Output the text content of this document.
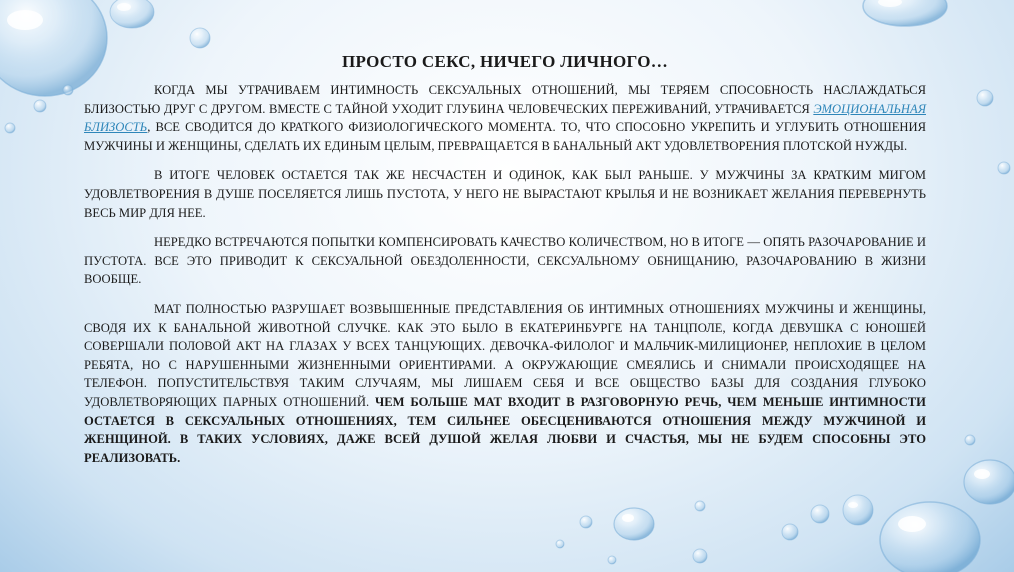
ПРОСТО СЕКС, НИЧЕГО ЛИЧНОГО…

КОГДА МЫ УТРАЧИВАЕМ ИНТИМНОСТЬ СЕКСУАЛЬНЫХ ОТНОШЕНИЙ, МЫ ТЕРЯЕМ СПОСОБНОСТЬ НАСЛАЖДАТЬСЯ БЛИЗОСТЬЮ ДРУГ С ДРУГОМ. ВМЕСТЕ С ТАЙНОЙ УХОДИТ ГЛУБИНА ЧЕЛОВЕЧЕСКИХ ПЕРЕЖИВАНИЙ, УТРАЧИВАЕТСЯ ЭМОЦИОНАЛЬНАЯ БЛИЗОСТЬ, ВСЕ СВОДИТСЯ ДО КРАТКОГО ФИЗИОЛОГИЧЕСКОГО МОМЕНТА. ТО, ЧТО СПОСОБНО УКРЕПИТЬ И УГЛУБИТЬ ОТНОШЕНИЯ МУЖЧИНЫ И ЖЕНЩИНЫ, СДЕЛАТЬ ИХ ЕДИНЫМ ЦЕЛЫМ, ПРЕВРАЩАЕТСЯ В БАНАЛЬНЫЙ АКТ УДОВЛЕТВОРЕНИЯ ПЛОТСКОЙ НУЖДЫ.

В ИТОГЕ ЧЕЛОВЕК ОСТАЕТСЯ ТАК ЖЕ НЕСЧАСТЕН И ОДИНОК, КАК БЫЛ РАНЬШЕ. У МУЖЧИНЫ ЗА КРАТКИМ МИГОМ УДОВЛЕТВОРЕНИЯ В ДУШЕ ПОСЕЛЯЕТСЯ ЛИШЬ ПУСТОТА, У НЕГО НЕ ВЫРАСТАЮТ КРЫЛЬЯ И НЕ ВОЗНИКАЕТ ЖЕЛАНИЯ ПЕРЕВЕРНУТЬ ВЕСЬ МИР ДЛЯ НЕЕ.

НЕРЕДКО ВСТРЕЧАЮТСЯ ПОПЫТКИ КОМПЕНСИРОВАТЬ КАЧЕСТВО КОЛИЧЕСТВОМ, НО В ИТОГЕ — ОПЯТЬ РАЗОЧАРОВАНИЕ И ПУСТОТА. ВСЕ ЭТО ПРИВОДИТ К СЕКСУАЛЬНОЙ ОБЕЗДОЛЕННОСТИ, СЕКСУАЛЬНОМУ ОБНИЩАНИЮ, РАЗОЧАРОВАНИЮ В ЖИЗНИ ВООБЩЕ.

МАТ ПОЛНОСТЬЮ РАЗРУШАЕТ ВОЗВЫШЕННЫЕ ПРЕДСТАВЛЕНИЯ ОБ ИНТИМНЫХ ОТНОШЕНИЯХ МУЖЧИНЫ И ЖЕНЩИНЫ, СВОДЯ ИХ К БАНАЛЬНОЙ ЖИВОТНОЙ СЛУЧКЕ. КАК ЭТО БЫЛО В ЕКАТЕРИНБУРГЕ НА ТАНЦПОЛЕ, КОГДА ДЕВУШКА С ЮНОШЕЙ СОВЕРШАЛИ ПОЛОВОЙ АКТ НА ГЛАЗАХ У ВСЕХ ТАНЦУЮЩИХ. ДЕВОЧКА-ФИЛОЛОГ И МАЛЬЧИК-МИЛИЦИОНЕР, НЕПЛОХИЕ В ЦЕЛОМ РЕБЯТА, НО С НАРУШЕННЫМИ ЖИЗНЕННЫМИ ОРИЕНТИРАМИ. А ОКРУЖАЮЩИЕ СМЕЯЛИСЬ И СНИМАЛИ ПРОИСХОДЯЩЕЕ НА ТЕЛЕФОН. ПОПУСТИТЕЛЬСТВУЯ ТАКИМ СЛУЧАЯМ, МЫ ЛИШАЕМ СЕБЯ И ВСЕ ОБЩЕСТВО БАЗЫ ДЛЯ СОЗДАНИЯ ГЛУБОКО УДОВЛЕТВОРЯЮЩИХ ПАРНЫХ ОТНОШЕНИЙ. ЧЕМ БОЛЬШЕ МАТ ВХОДИТ В РАЗГОВОРНУЮ РЕЧЬ, ЧЕМ МЕНЬШЕ ИНТИМНОСТИ ОСТАЕТСЯ В СЕКСУАЛЬНЫХ ОТНОШЕНИЯХ, ТЕМ СИЛЬНЕЕ ОБЕСЦЕНИВАЮТСЯ ОТНОШЕНИЯ МЕЖДУ МУЖЧИНОЙ И ЖЕНЩИНОЙ. В ТАКИХ УСЛОВИЯХ, ДАЖЕ ВСЕЙ ДУШОЙ ЖЕЛАЯ ЛЮБВИ И СЧАСТЬЯ, МЫ НЕ БУДЕМ СПОСОБНЫ ЭТО РЕАЛИЗОВАТЬ.
